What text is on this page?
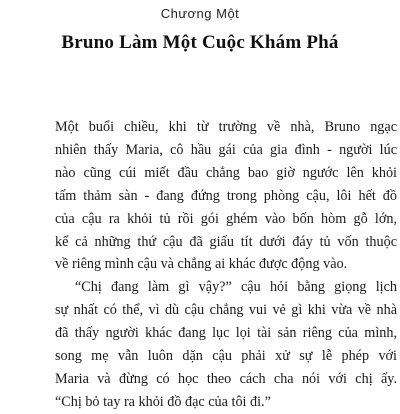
Chương Một
Bruno Làm Một Cuộc Khám Phá

Một buổi chiều, khi từ trường về nhà, Bruno ngạc
nhiên thấy Maria, cô hầu gái của gia đình - người lúc
nào cũng cúi miết đầu chẳng bao giờ ngước lên khỏi
tấm thảm sàn - đang đứng trong phòng cậu, lôi hết đồ
của cậu ra khỏi tủ rồi gói ghém vào bốn hòm gỗ lớn,
kể cả những thứ cậu đã giấu tít dưới đáy tủ vốn thuộc
về riêng mình cậu và chẳng ai khác được động vào.

“Chị đang làm gì vậy?” cậu hỏi bằng giọng lịch
sự nhất có thể, vì dù cậu chẳng vui vẻ gì khi vừa về nhà
đã thấy người khác đang lục lọi tài sản riêng của mình,
song mẹ vẫn luôn dặn cậu phải xử sự lễ phép với
Maria và đừng có học theo cách cha nói với chị ấy.
“Chị bỏ tay ra khỏi đồ đạc của tôi đi.”
